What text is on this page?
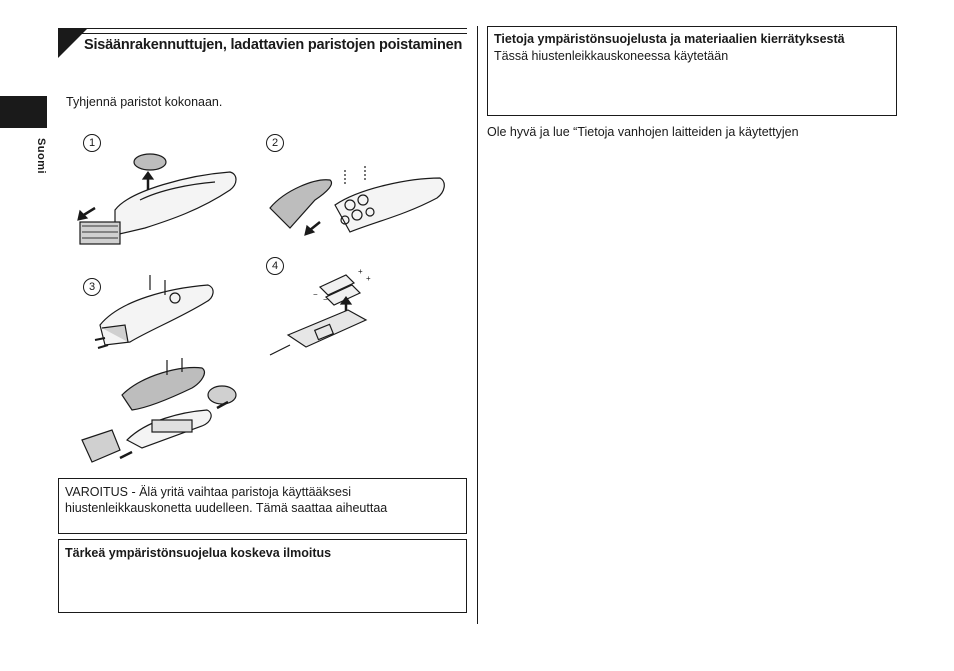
Suomi
Sisäänrakennuttujen, ladattavien paristojen poistaminen
Tyhjennä paristot kokonaan.
1	2
3
4	+
+
−
−
VAROITUS - Älä yritä vaihtaa paristoja käyttääksesi
hiustenleikkauskonetta uudelleen. Tämä saattaa aiheuttaa
Tärkeä ympäristönsuojelua koskeva ilmoitus
Tietoja ympäristönsuojelusta ja materiaalien kierrätyksestä
Tässä hiustenleikkauskoneessa käytetään
Ole hyvä ja lue “Tietoja vanhojen laitteiden ja käytettyjen
